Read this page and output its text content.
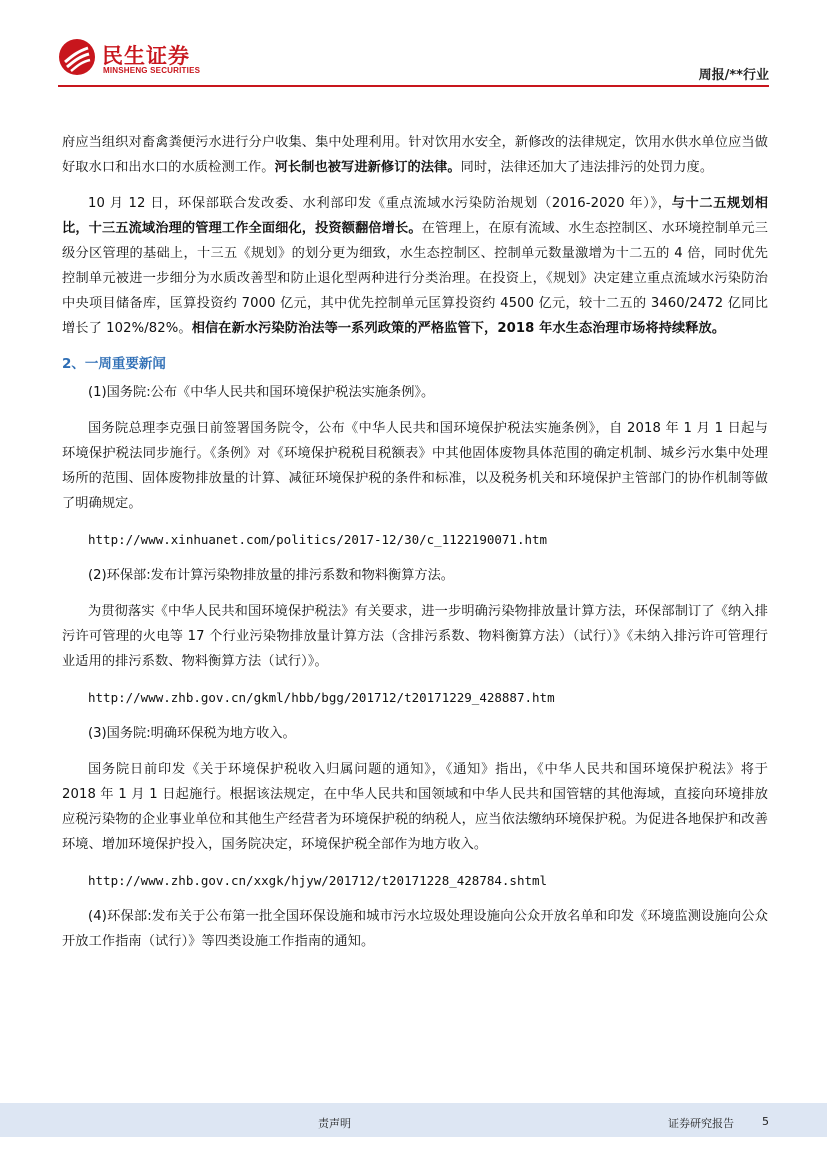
民生证券
MINSHENG SECURITIES	周报/**行业

府应当组织对畜禽粪便污水进行分户收集、集中处理利用。针对饮用水安全，新修改的法律规定，饮用水供水单位应当做好取水口和出水口的水质检测工作。河长制也被写进新修订的法律。同时，法律还加大了违法排污的处罚力度。

10 月 12 日，环保部联合发改委、水利部印发《重点流域水污染防治规划（2016-2020 年）》，与十二五规划相比，十三五流域治理的管理工作全面细化，投资额翻倍增长。在管理上，在原有流域、水生态控制区、水环境控制单元三级分区管理的基础上，十三五《规划》的划分更为细致，水生态控制区、控制单元数量激增为十二五的 4 倍，同时优先控制单元被进一步细分为水质改善型和防止退化型两种进行分类治理。在投资上，《规划》决定建立重点流域水污染防治中央项目储备库，匡算投资约 7000 亿元，其中优先控制单元匡算投资约 4500 亿元，较十二五的 3460/2472 亿同比增长了 102%/82%。相信在新水污染防治法等一系列政策的严格监管下，2018 年水生态治理市场将持续释放。

2、一周重要新闻

(1)国务院:公布《中华人民共和国环境保护税法实施条例》。

国务院总理李克强日前签署国务院令，公布《中华人民共和国环境保护税法实施条例》，自 2018 年 1 月 1 日起与环境保护税法同步施行。《条例》对《环境保护税税目税额表》中其他固体废物具体范围的确定机制、城乡污水集中处理场所的范围、固体废物排放量的计算、减征环境保护税的条件和标准，以及税务机关和环境保护主管部门的协作机制等做了明确规定。

http://www.xinhuanet.com/politics/2017-12/30/c_1122190071.htm

(2)环保部:发布计算污染物排放量的排污系数和物料衡算方法。

为贯彻落实《中华人民共和国环境保护税法》有关要求，进一步明确污染物排放量计算方法，环保部制订了《纳入排污许可管理的火电等 17 个行业污染物排放量计算方法（含排污系数、物料衡算方法）（试行）》《未纳入排污许可管理行业适用的排污系数、物料衡算方法（试行）》。

http://www.zhb.gov.cn/gkml/hbb/bgg/201712/t20171229_428887.htm

(3)国务院:明确环保税为地方收入。

国务院日前印发《关于环境保护税收入归属问题的通知》，《通知》指出，《中华人民共和国环境保护税法》将于 2018 年 1 月 1 日起施行。根据该法规定，在中华人民共和国领域和中华人民共和国管辖的其他海域，直接向环境排放应税污染物的企业事业单位和其他生产经营者为环境保护税的纳税人，应当依法缴纳环境保护税。为促进各地保护和改善环境、增加环境保护投入，国务院决定，环境保护税全部作为地方收入。

http://www.zhb.gov.cn/xxgk/hjyw/201712/t20171228_428784.shtml

(4)环保部:发布关于公布第一批全国环保设施和城市污水垃圾处理设施向公众开放名单和印发《环境监测设施向公众开放工作指南（试行）》等四类设施工作指南的通知。

责声明	证券研究报告	5
